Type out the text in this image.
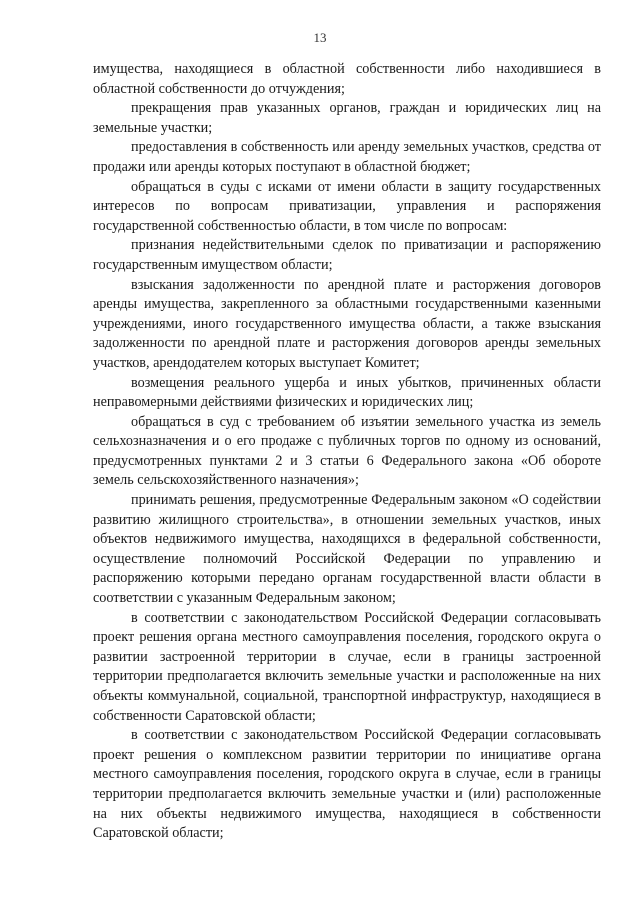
13

имущества, находящиеся в областной собственности либо находившиеся в областной собственности до отчуждения;

прекращения прав указанных органов, граждан и юридических лиц на земельные участки;

предоставления в собственность или аренду земельных участков, средства от продажи или аренды которых поступают в областной бюджет;

обращаться в суды с исками от имени области в защиту государственных интересов по вопросам приватизации, управления и распоряжения государственной собственностью области, в том числе по вопросам:

признания недействительными сделок по приватизации и распоряжению государственным имуществом области;

взыскания задолженности по арендной плате и расторжения договоров аренды имущества, закрепленного за областными государственными казенными учреждениями, иного государственного имущества области, а также взыскания задолженности по арендной плате и расторжения договоров аренды земельных участков, арендодателем которых выступает Комитет;

возмещения реального ущерба и иных убытков, причиненных области неправомерными действиями физических и юридических лиц;

обращаться в суд с требованием об изъятии земельного участка из земель сельхозназначения и о его продаже с публичных торгов по одному из оснований, предусмотренных пунктами 2 и 3 статьи 6 Федерального закона «Об обороте земель сельскохозяйственного назначения»;

принимать решения, предусмотренные Федеральным законом «О содействии развитию жилищного строительства», в отношении земельных участков, иных объектов недвижимого имущества, находящихся в федеральной собственности, осуществление полномочий Российской Федерации по управлению и распоряжению которыми передано органам государственной власти области в соответствии с указанным Федеральным законом;

в соответствии с законодательством Российской Федерации согласовывать проект решения органа местного самоуправления поселения, городского округа о развитии застроенной территории в случае, если в границы застроенной территории предполагается включить земельные участки и расположенные на них объекты коммунальной, социальной, транспортной инфраструктур, находящиеся в собственности Саратовской области;

в соответствии с законодательством Российской Федерации согласовывать проект решения о комплексном развитии территории по инициативе органа местного самоуправления поселения, городского округа в случае, если в границы территории предполагается включить земельные участки и (или) расположенные на них объекты недвижимого имущества, находящиеся в собственности Саратовской области;
